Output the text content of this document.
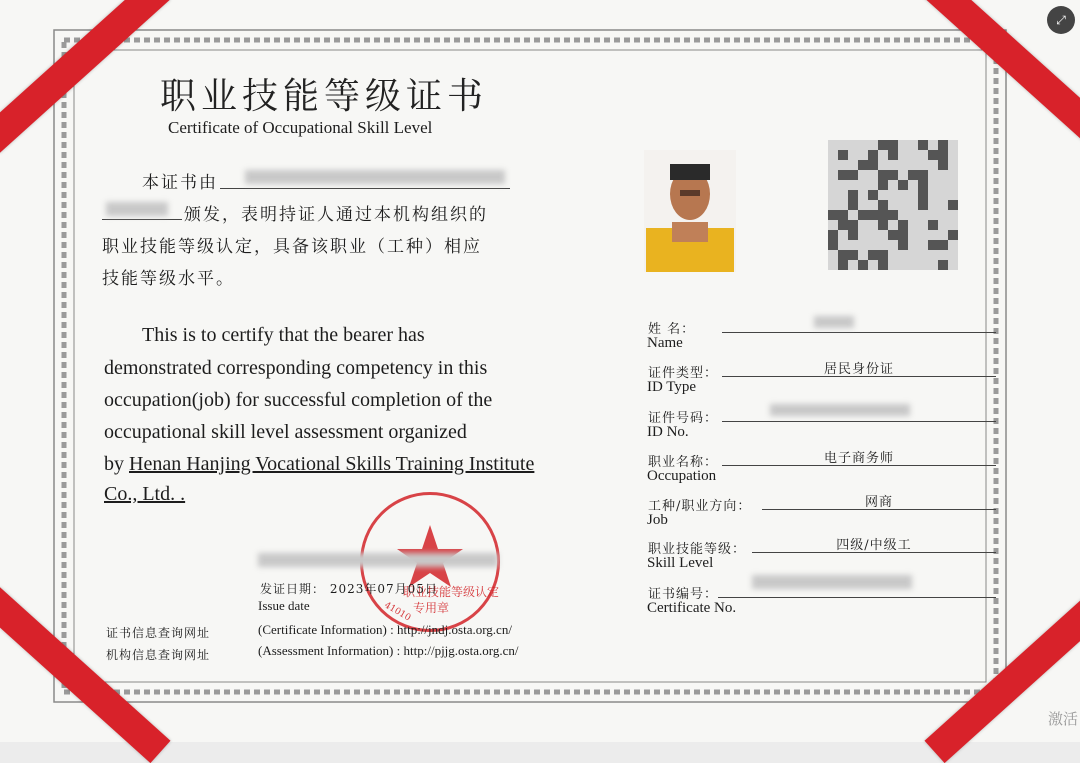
职业技能等级证书
Certificate of Occupational Skill Level
本证书由
颁发，表明持证人通过本机构组织的
职业技能等级认定，具备该职业（工种）相应
技能等级水平。
This is to certify that the bearer has
demonstrated corresponding competency in this
occupation(job) for successful completion of the
occupational skill level assessment organized
by Henan Hanjing Vocational Skills Training Institute
Co., Ltd. .
职业技能等级认定
专用章
41010
发证日期： 2023年07月05日
Issue date
证书信息查询网址	(Certificate Information) : http://jndj.osta.org.cn/
机构信息查询网址	(Assessment Information) : http://pjjg.osta.org.cn/
姓 名：
Name
证件类型：
ID Type
居民身份证
证件号码：
ID No.
职业名称：
Occupation
电子商务师
工种/职业方向：
Job
网商
职业技能等级：
Skill Level
四级/中级工
证书编号：
Certificate No.
激活
⤢
